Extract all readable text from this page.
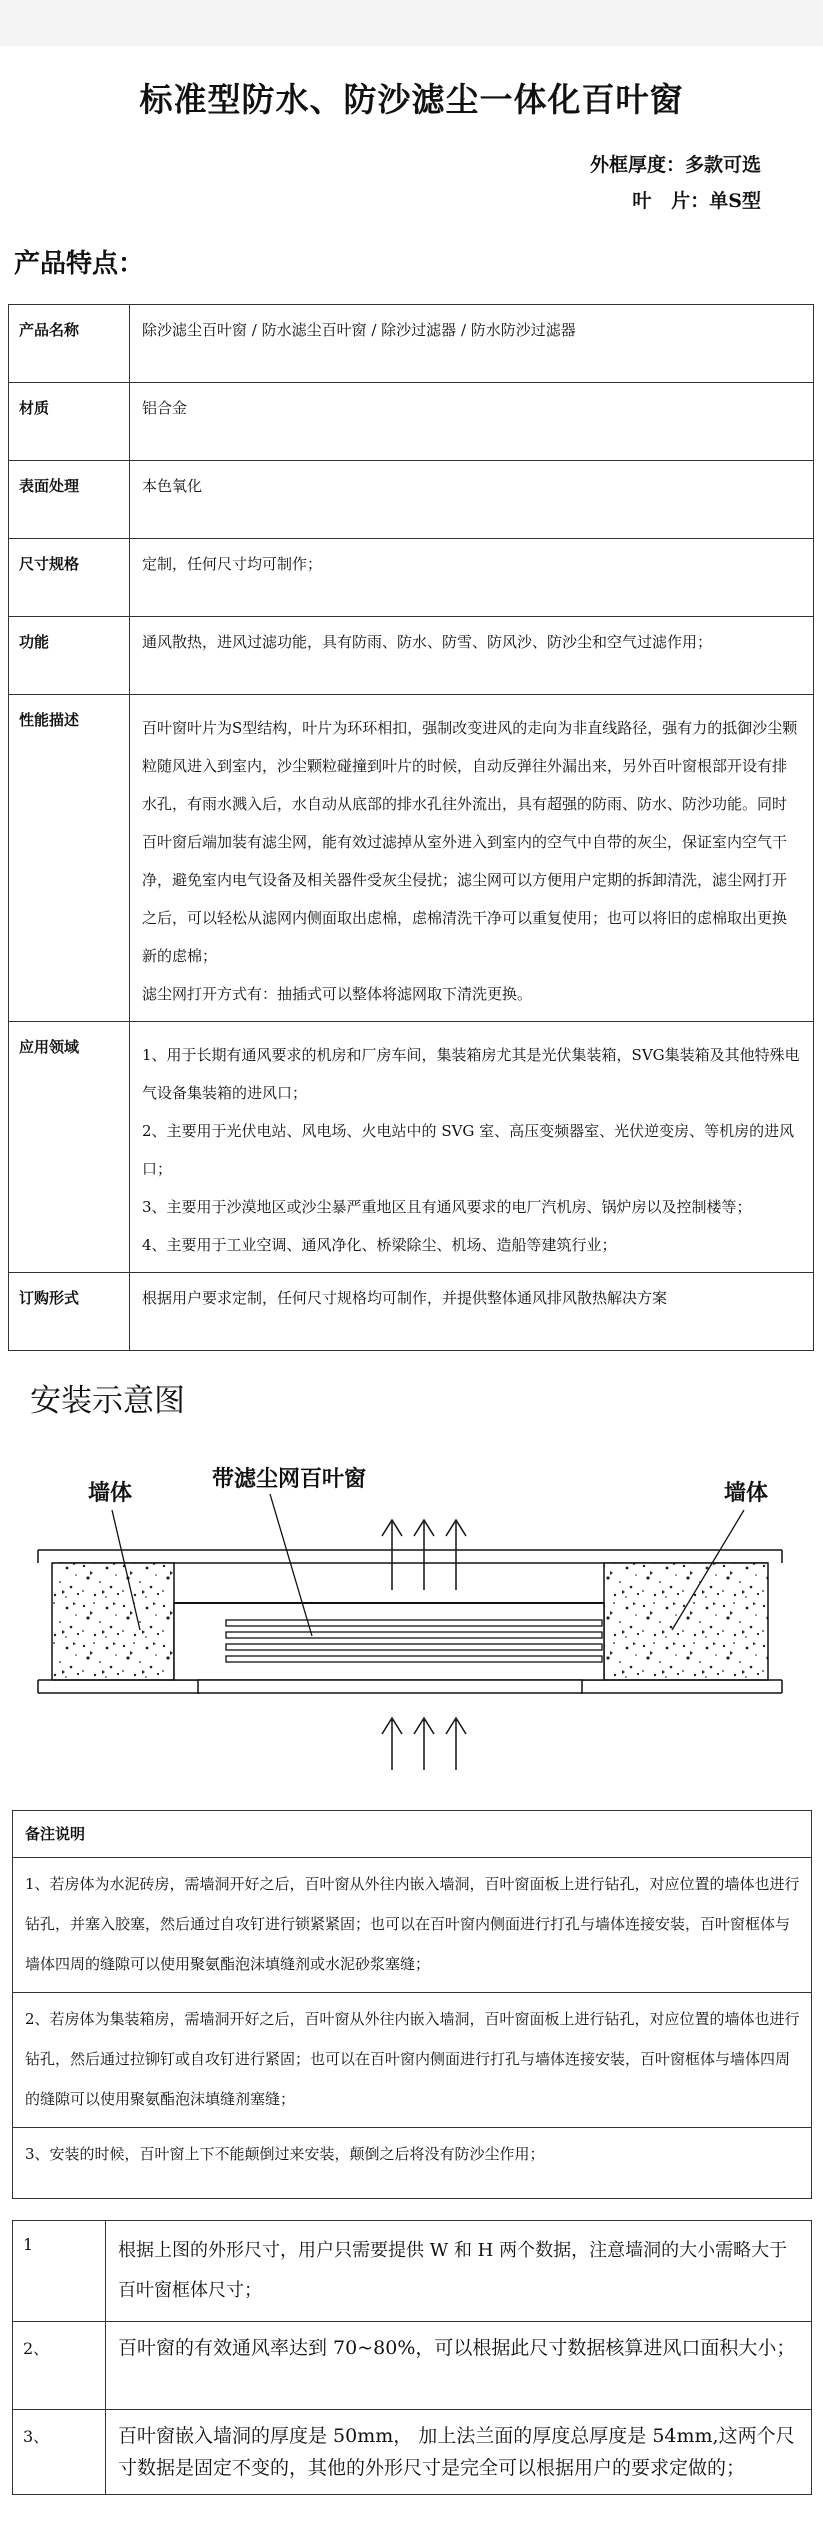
标准型防水、防沙滤尘一体化百叶窗
外框厚度：多款可选
叶   片：单S型
产品特点：
产品名称	除沙滤尘百叶窗 / 防水滤尘百叶窗 / 除沙过滤器 / 防水防沙过滤器
材质	铝合金
表面处理	本色氧化
尺寸规格	定制，任何尺寸均可制作；
功能	通风散热，进风过滤功能，具有防雨、防水、防雪、防风沙、防沙尘和空气过滤作用；
性能描述	百叶窗叶片为S型结构，叶片为环环相扣，强制改变进风的走向为非直线路径，强有力的抵御沙尘颗粒随风进入到室内，沙尘颗粒碰撞到叶片的时候，自动反弹往外漏出来，另外百叶窗根部开设有排水孔，有雨水溅入后，水自动从底部的排水孔往外流出，具有超强的防雨、防水、防沙功能。同时百叶窗后端加装有滤尘网，能有效过滤掉从室外进入到室内的空气中自带的灰尘，保证室内空气干净，避免室内电气设备及相关器件受灰尘侵扰；滤尘网可以方便用户定期的拆卸清洗，滤尘网打开之后，可以轻松从滤网内侧面取出虑棉，虑棉清洗干净可以重复使用；也可以将旧的虑棉取出更换新的虑棉；
滤尘网打开方式有：抽插式可以整体将滤网取下清洗更换。

应用领域	1、用于长期有通风要求的机房和厂房车间，集装箱房尤其是光伏集装箱，SVG集装箱及其他特殊电气设备集装箱的进风口；
2、主要用于光伏电站、风电场、火电站中的 SVG 室、高压变频器室、光伏逆变房、等机房的进风口；
3、主要用于沙漠地区或沙尘暴严重地区且有通风要求的电厂汽机房、锅炉房以及控制楼等；
4、主要用于工业空调、通风净化、桥梁除尘、机场、造船等建筑行业；

订购形式	根据用户要求定制，任何尺寸规格均可制作，并提供整体通风排风散热解决方案
安装示意图
墙体
带滤尘网百叶窗
墙体
备注说明
1、若房体为水泥砖房，需墙洞开好之后，百叶窗从外往内嵌入墙洞，百叶窗面板上进行钻孔，对应位置的墙体也进行钻孔，并塞入胶塞，然后通过自攻钉进行锁紧紧固；也可以在百叶窗内侧面进行打孔与墙体连接安装，百叶窗框体与墙体四周的缝隙可以使用聚氨酯泡沫填缝剂或水泥砂浆塞缝；
2、若房体为集装箱房，需墙洞开好之后，百叶窗从外往内嵌入墙洞，百叶窗面板上进行钻孔，对应位置的墙体也进行钻孔，然后通过拉铆钉或自攻钉进行紧固；也可以在百叶窗内侧面进行打孔与墙体连接安装，百叶窗框体与墙体四周的缝隙可以使用聚氨酯泡沫填缝剂塞缝；
3、安装的时候，百叶窗上下不能颠倒过来安装，颠倒之后将没有防沙尘作用；
1	根据上图的外形尺寸，用户只需要提供 W 和 H 两个数据，注意墙洞的大小需略大于百叶窗框体尺寸；
2、	百叶窗的有效通风率达到 70~80%，可以根据此尺寸数据核算进风口面积大小；
3、	百叶窗嵌入墙洞的厚度是 50mm， 加上法兰面的厚度总厚度是 54mm,这两个尺寸数据是固定不变的，其他的外形尺寸是完全可以根据用户的要求定做的；
